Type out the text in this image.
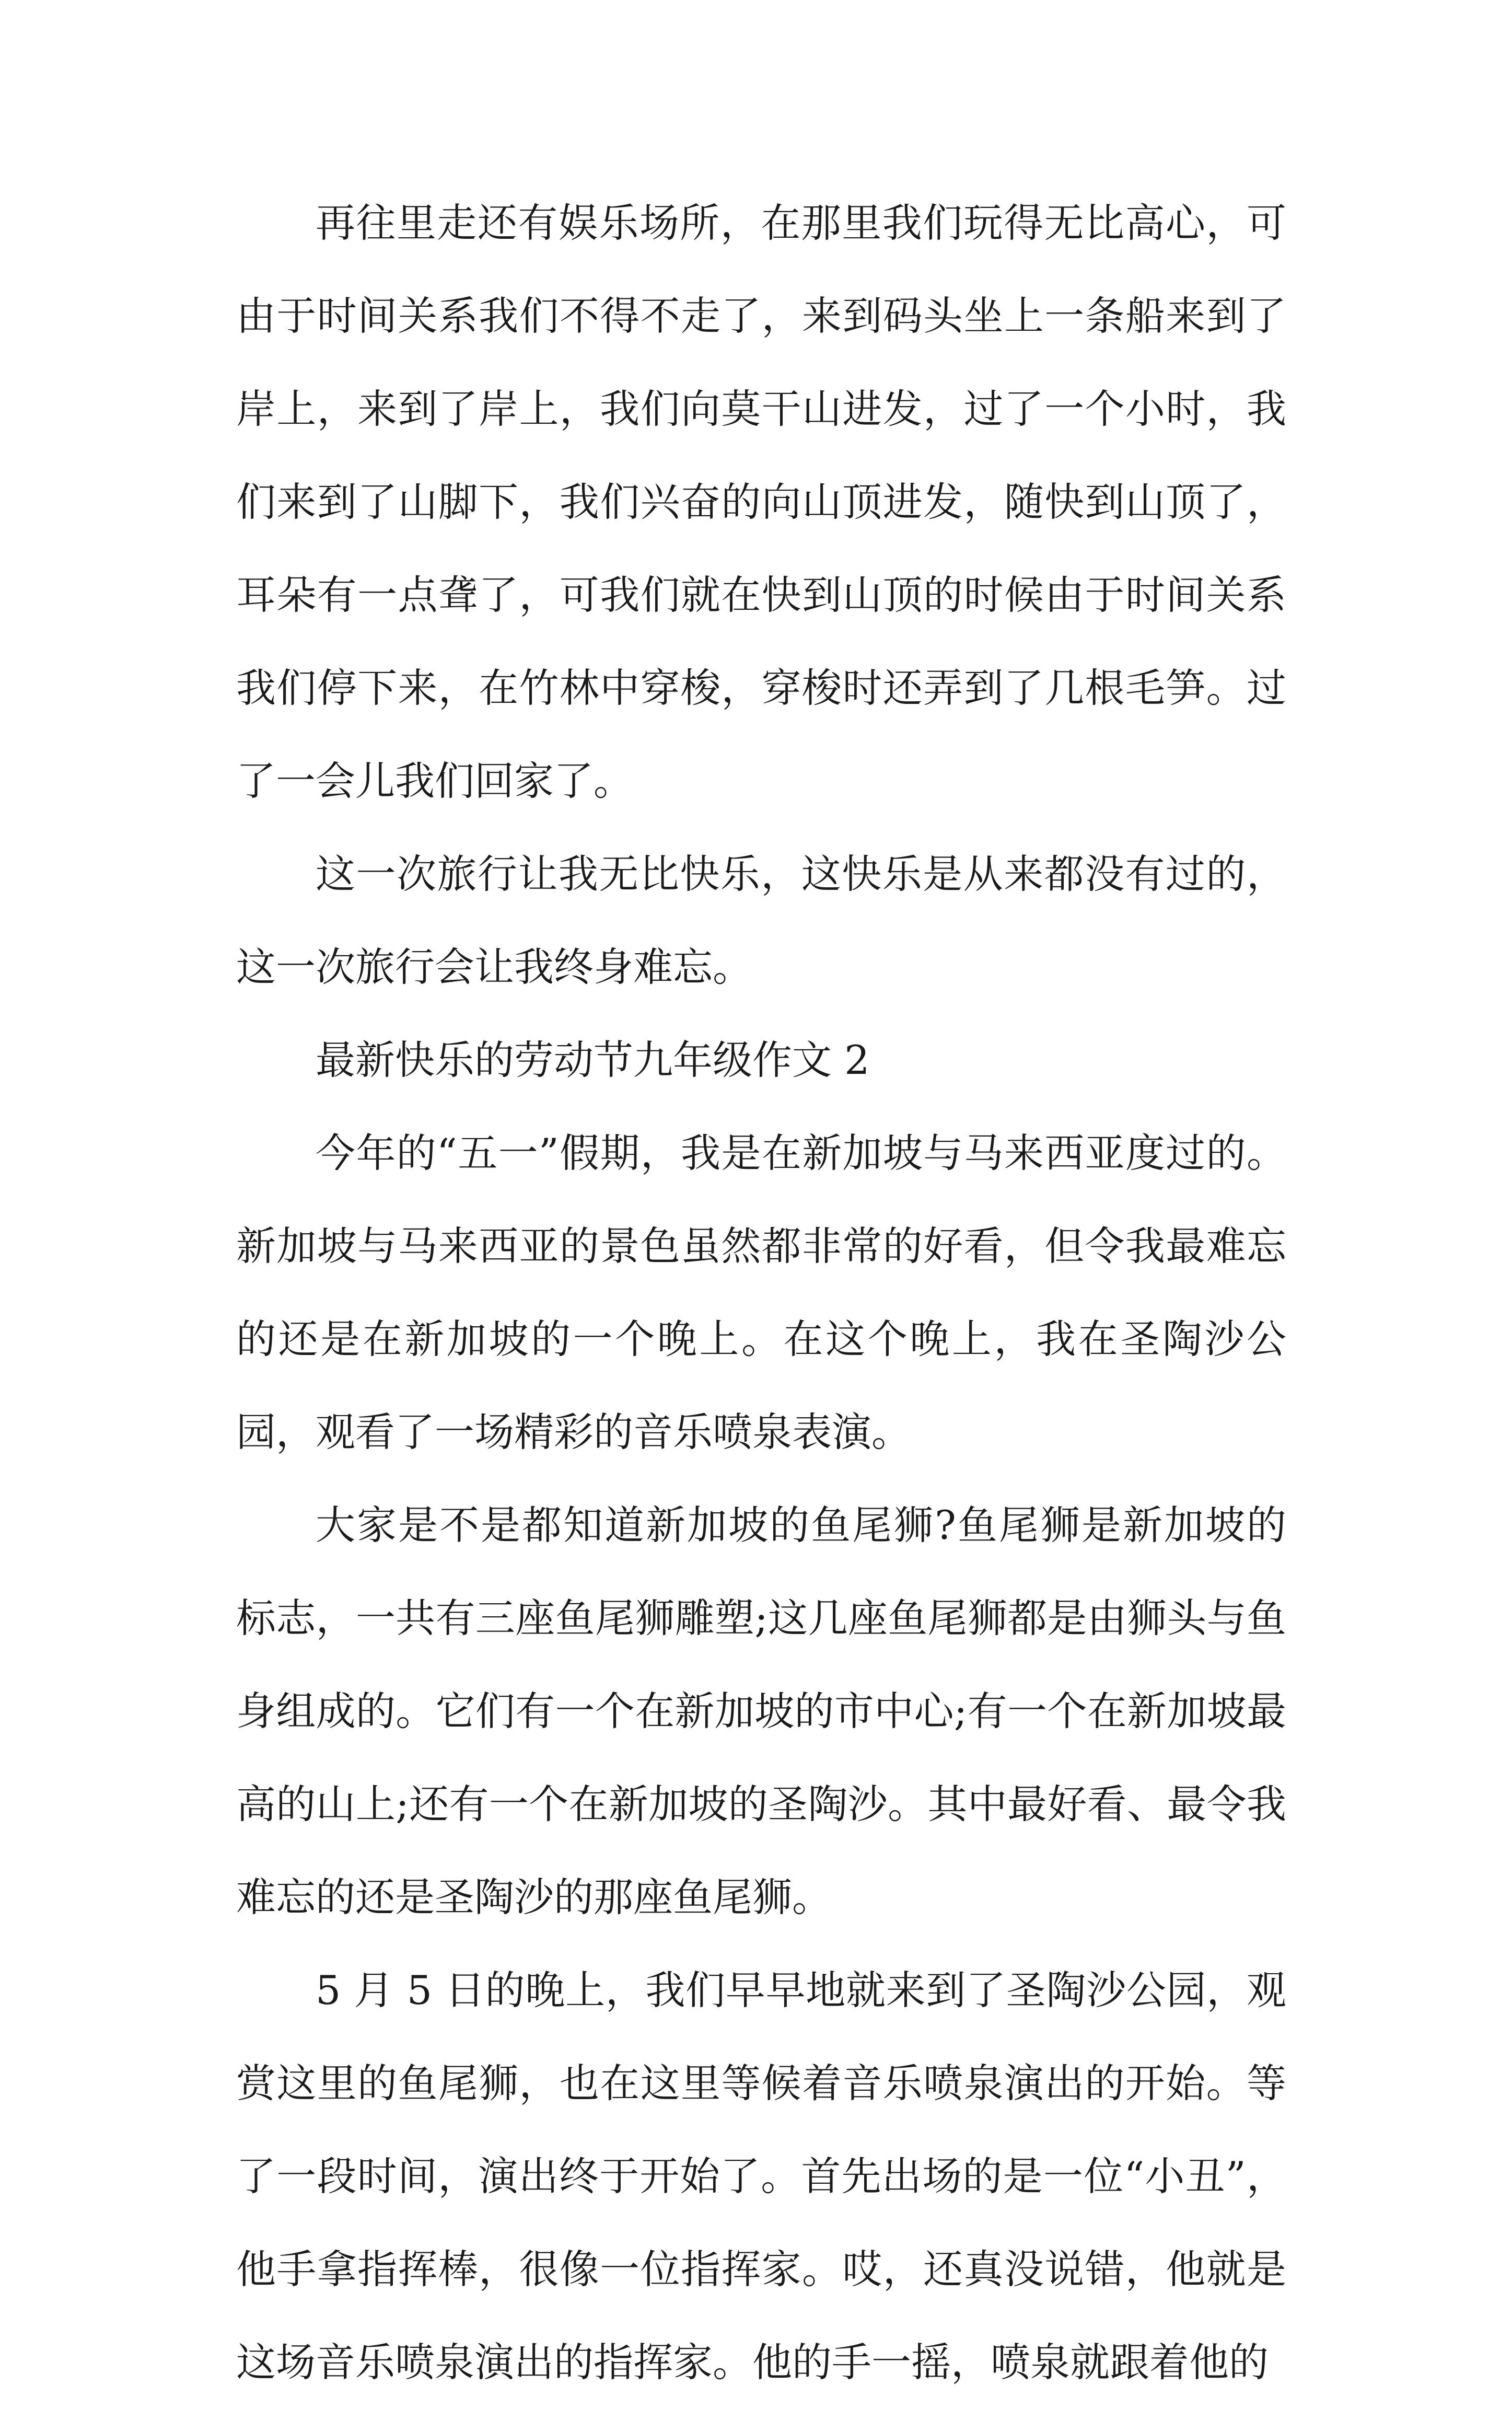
再往里走还有娱乐场所，在那里我们玩得无比高心，可由于时间关系我们不得不走了，来到码头坐上一条船来到了岸上，来到了岸上，我们向莫干山进发，过了一个小时，我们来到了山脚下，我们兴奋的向山顶进发，随快到山顶了，耳朵有一点聋了，可我们就在快到山顶的时候由于时间关系我们停下来，在竹林中穿梭，穿梭时还弄到了几根毛笋。过了一会儿我们回家了。

这一次旅行让我无比快乐，这快乐是从来都没有过的，这一次旅行会让我终身难忘。

最新快乐的劳动节九年级作文 2

今年的“五一”假期，我是在新加坡与马来西亚度过的。新加坡与马来西亚的景色虽然都非常的好看，但令我最难忘的还是在新加坡的一个晚上。在这个晚上，我在圣陶沙公园，观看了一场精彩的音乐喷泉表演。

大家是不是都知道新加坡的鱼尾狮?鱼尾狮是新加坡的标志，一共有三座鱼尾狮雕塑;这几座鱼尾狮都是由狮头与鱼身组成的。它们有一个在新加坡的市中心;有一个在新加坡最高的山上;还有一个在新加坡的圣陶沙。其中最好看、最令我难忘的还是圣陶沙的那座鱼尾狮。

5 月 5 日的晚上，我们早早地就来到了圣陶沙公园，观赏这里的鱼尾狮，也在这里等候着音乐喷泉演出的开始。等了一段时间，演出终于开始了。首先出场的是一位“小丑”，他手拿指挥棒，很像一位指挥家。哎，还真没说错，他就是这场音乐喷泉演出的指挥家。他的手一摇，喷泉就跟着他的
